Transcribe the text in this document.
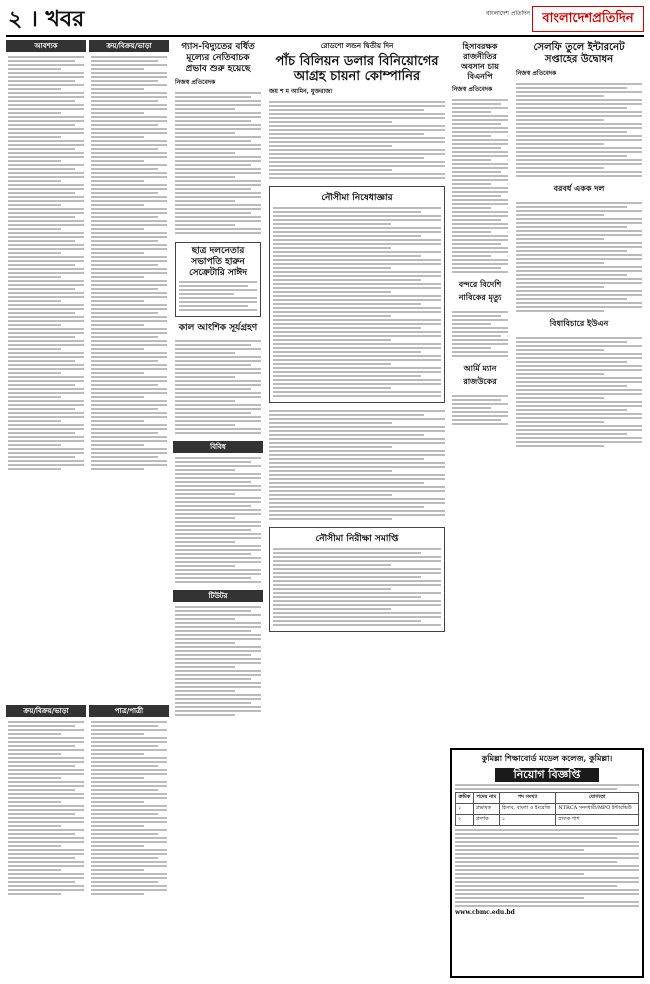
২ । খবর	বাংলাদেশ প্রতিদিন বাংলাদেশপ্রতিদিন
আবশ্যক	ক্রয়/বিক্রয়/ভাড়া
ক্রয়/বিক্রয়/ভাড়া	পাত্র/পাত্রী
গ্যাস-বিদ্যুতের বর্ধিত মূল্যের নেতিবাচক প্রভাব শুরু হয়েছে
নিজস্ব প্রতিবেদক
ছাত্র দলনেতার সভাপতি হারুন সেক্রেটারি সাঈদ
কাল আংশিক সূর্যগ্রহণ
বিবিধ
টিউটর
রোডশো লন্ডন দ্বিতীয় দিন
পাঁচ বিলিয়ন ডলার বিনিয়োগের আগ্রহ চায়না কোম্পানির
জয় শ ম আমিন, যুক্তরাজ্য
নৌসীমা নিষেধাজ্ঞার
নৌসীমা নিরীক্ষা সমাপ্তি
হিসাবরক্ষক রাজনীতির অবসান চায় বিএনপি
নিজস্ব প্রতিবেদক
বন্দরে বিদেশি নাবিকের মৃত্যু
আর্মি ম্যান রাজউকের
সেলফি তুলে ইন্টারনেট সপ্তাহের উদ্বোধন
নিজস্ব প্রতিবেদক
বরবর্ধ একক দল
বিধাবিচারে ইউএন
কুমিল্লা শিক্ষাবোর্ড মডেল কলেজ, কুমিল্লা।
নিয়োগ বিজ্ঞপ্তি
ক্রমিক	পদের নাম	পদ সংখ্যা	যোগ্যতা
১	প্রভাষক	হিসাব, বাংলা ও ইংরেজি	NTRCA সনদধারী/MPO ইন্টারভিউ
২	প্রদর্শক	১	স্নাতক পাশ
www.cbmc.edu.bd
